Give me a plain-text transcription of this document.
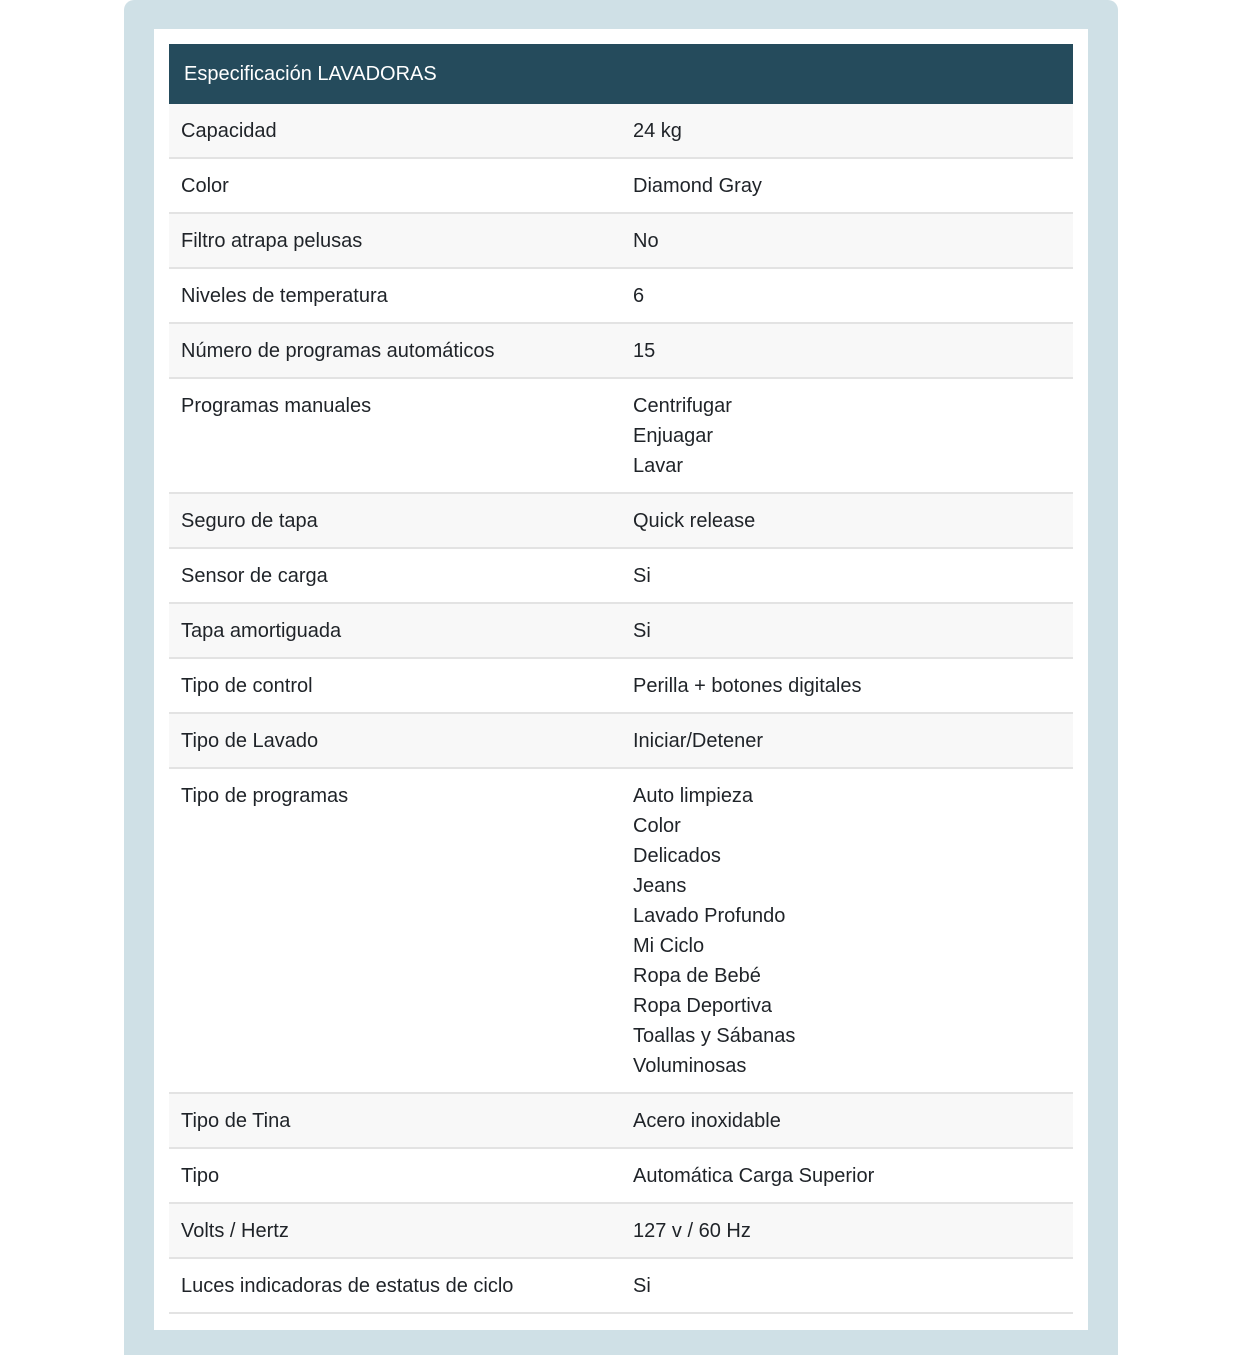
Especificación LAVADORAS
Capacidad	24 kg
Color	Diamond Gray
Filtro atrapa pelusas	No
Niveles de temperatura	6
Número de programas automáticos	15
Programas manuales	Centrifugar
Enjuagar
Lavar
Seguro de tapa	Quick release
Sensor de carga	Si
Tapa amortiguada	Si
Tipo de control	Perilla + botones digitales
Tipo de Lavado	Iniciar/Detener
Tipo de programas	Auto limpieza
Color
Delicados
Jeans
Lavado Profundo
Mi Ciclo
Ropa de Bebé
Ropa Deportiva
Toallas y Sábanas
Voluminosas
Tipo de Tina	Acero inoxidable
Tipo	Automática Carga Superior
Volts / Hertz	127 v / 60 Hz
Luces indicadoras de estatus de ciclo	Si
